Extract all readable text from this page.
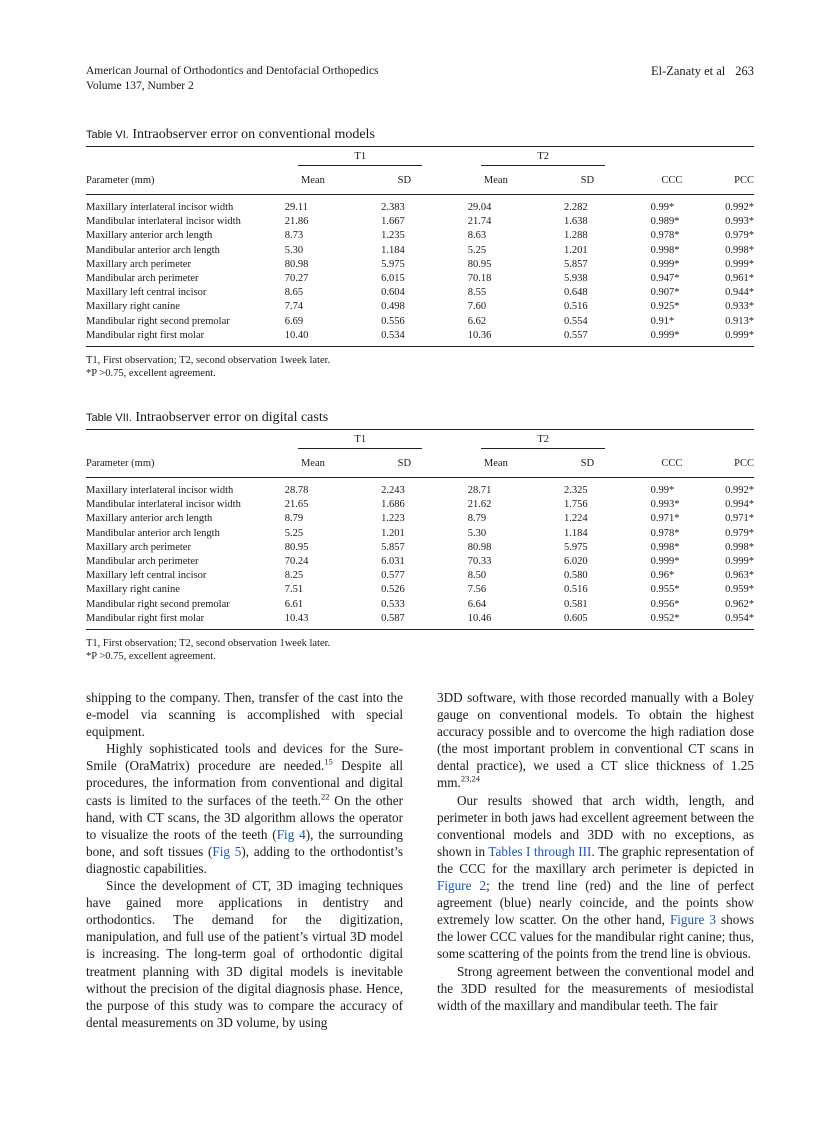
American Journal of Orthodontics and Dentofacial Orthopedics
Volume 137, Number 2
El-Zanaty et al 263
Table VI. Intraobserver error on conventional models
	T1		T2			
Parameter (mm)	Mean	SD	Mean	SD	CCC	PCC
Maxillary interlateral incisor width	29.11	2.383	29.04	2.282	0.99*	0.992*
Mandibular interlateral incisor width	21.86	1.667	21.74	1.638	0.989*	0.993*
Maxillary anterior arch length	8.73	1.235	8.63	1.288	0.978*	0.979*
Mandibular anterior arch length	5.30	1.184	5.25	1.201	0.998*	0.998*
Maxillary arch perimeter	80.98	5.975	80.95	5.857	0.999*	0.999*
Mandibular arch perimeter	70.27	6.015	70.18	5.938	0.947*	0.961*
Maxillary left central incisor	8.65	0.604	8.55	0.648	0.907*	0.944*
Maxillary right canine	7.74	0.498	7.60	0.516	0.925*	0.933*
Mandibular right second premolar	6.69	0.556	6.62	0.554	0.91*	0.913*
Mandibular right first molar	10.40	0.534	10.36	0.557	0.999*	0.999*
T1, First observation; T2, second observation 1week later.
*P >0.75, excellent agreement.
Table VII. Intraobserver error on digital casts
	T1		T2			
Parameter (mm)	Mean	SD	Mean	SD	CCC	PCC
Maxillary interlateral incisor width	28.78	2.243	28.71	2.325	0.99*	0.992*
Mandibular interlateral incisor width	21.65	1.686	21.62	1.756	0.993*	0.994*
Maxillary anterior arch length	8.79	1.223	8.79	1.224	0.971*	0.971*
Mandibular anterior arch length	5.25	1.201	5.30	1.184	0.978*	0.979*
Maxillary arch perimeter	80.95	5.857	80.98	5.975	0.998*	0.998*
Mandibular arch perimeter	70.24	6.031	70.33	6.020	0.999*	0.999*
Maxillary left central incisor	8.25	0.577	8.50	0.580	0.96*	0.963*
Maxillary right canine	7.51	0.526	7.56	0.516	0.955*	0.959*
Mandibular right second premolar	6.61	0.533	6.64	0.581	0.956*	0.962*
Mandibular right first molar	10.43	0.587	10.46	0.605	0.952*	0.954*
T1, First observation; T2, second observation 1week later.
*P >0.75, excellent agreement.

shipping to the company. Then, transfer of the cast into the e-model via scanning is accomplished with special equipment.

Highly sophisticated tools and devices for the Sure-Smile (OraMatrix) procedure are needed.$^{15}$ Despite all procedures, the information from conventional and digital casts is limited to the surfaces of the teeth.$^{22}$ On the other hand, with CT scans, the 3D algorithm allows the operator to visualize the roots of the teeth (Fig 4), the surrounding bone, and soft tissues (Fig 5), adding to the orthodontist’s diagnostic capabilities.

Since the development of CT, 3D imaging techniques have gained more applications in dentistry and orthodontics. The demand for the digitization, manipulation, and full use of the patient’s virtual 3D model is increasing. The long-term goal of orthodontic digital treatment planning with 3D digital models is inevitable without the precision of the digital diagnosis phase. Hence, the purpose of this study was to compare the accuracy of dental measurements on 3D volume, by using

3DD software, with those recorded manually with a Boley gauge on conventional models. To obtain the highest accuracy possible and to overcome the high radiation dose (the most important problem in conventional CT scans in dental practice), we used a CT slice thickness of 1.25 mm.$^{23,24}$

Our results showed that arch width, length, and perimeter in both jaws had excellent agreement between the conventional models and 3DD with no exceptions, as shown in Tables I through III. The graphic representation of the CCC for the maxillary arch perimeter is depicted in Figure 2; the trend line (red) and the line of perfect agreement (blue) nearly coincide, and the points show extremely low scatter. On the other hand, Figure 3 shows the lower CCC values for the mandibular right canine; thus, some scattering of the points from the trend line is obvious.

Strong agreement between the conventional model and the 3DD resulted for the measurements of mesiodistal width of the maxillary and mandibular teeth. The fair
